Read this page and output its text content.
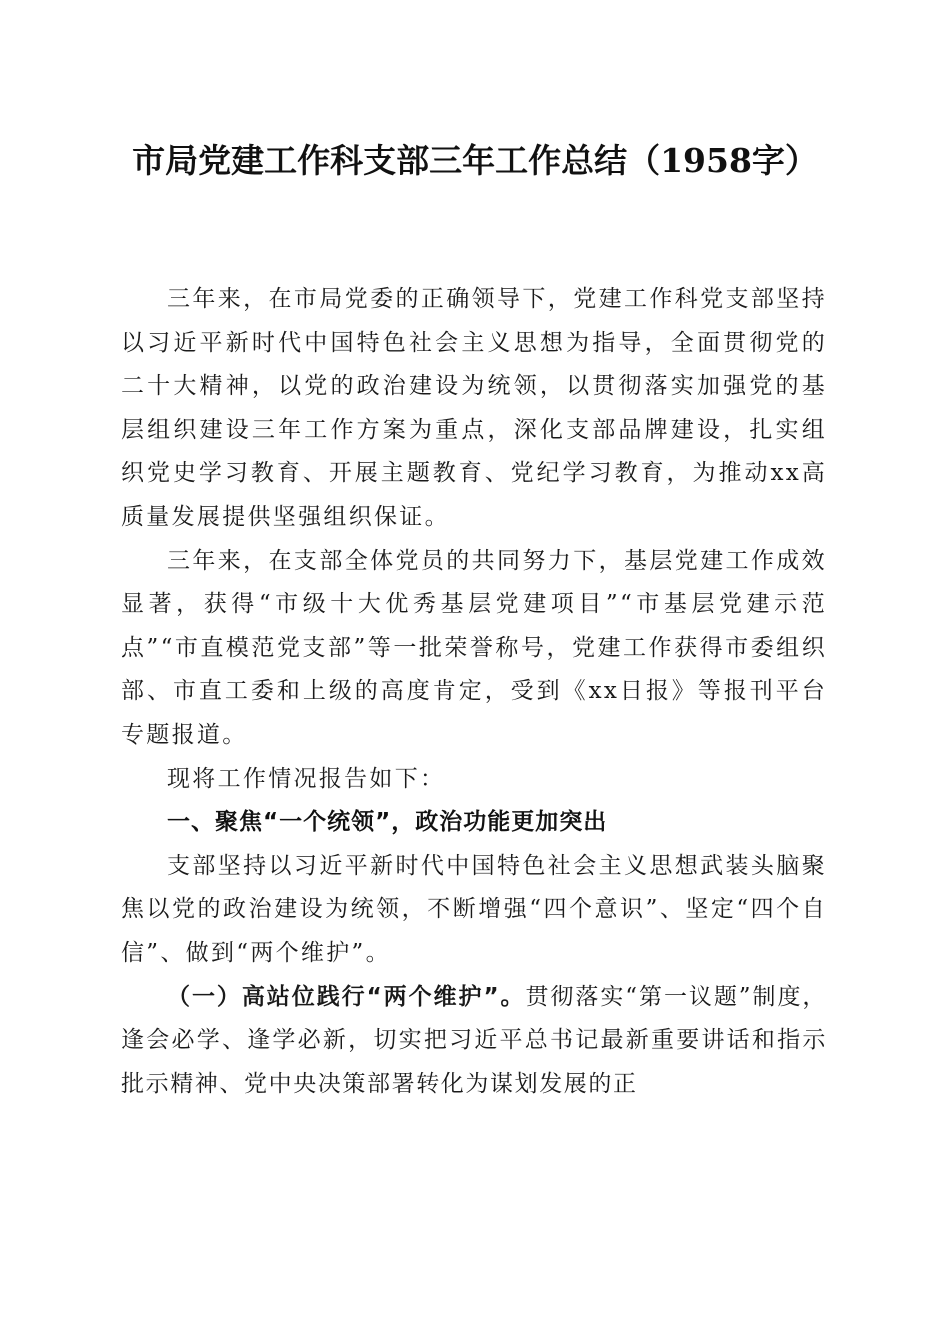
市局党建工作科支部三年工作总结（1958字）

三年来，在市局党委的正确领导下，党建工作科党支部坚持以习近平新时代中国特色社会主义思想为指导，全面贯彻党的二十大精神，以党的政治建设为统领，以贯彻落实加强党的基层组织建设三年工作方案为重点，深化支部品牌建设，扎实组织党史学习教育、开展主题教育、党纪学习教育，为推动xx高质量发展提供坚强组织保证。

三年来，在支部全体党员的共同努力下，基层党建工作成效显著，获得“市级十大优秀基层党建项目”“市基层党建示范点”“市直模范党支部”等一批荣誉称号，党建工作获得市委组织部、市直工委和上级的高度肯定，受到《xx日报》等报刊平台专题报道。

现将工作情况报告如下：

一、聚焦“一个统领”，政治功能更加突出

支部坚持以习近平新时代中国特色社会主义思想武装头脑聚焦以党的政治建设为统领，不断增强“四个意识”、坚定“四个自信”、做到“两个维护”。

（一）高站位践行“两个维护”。贯彻落实“第一议题”制度，逢会必学、逢学必新，切实把习近平总书记最新重要讲话和指示批示精神、党中央决策部署转化为谋划发展的正
